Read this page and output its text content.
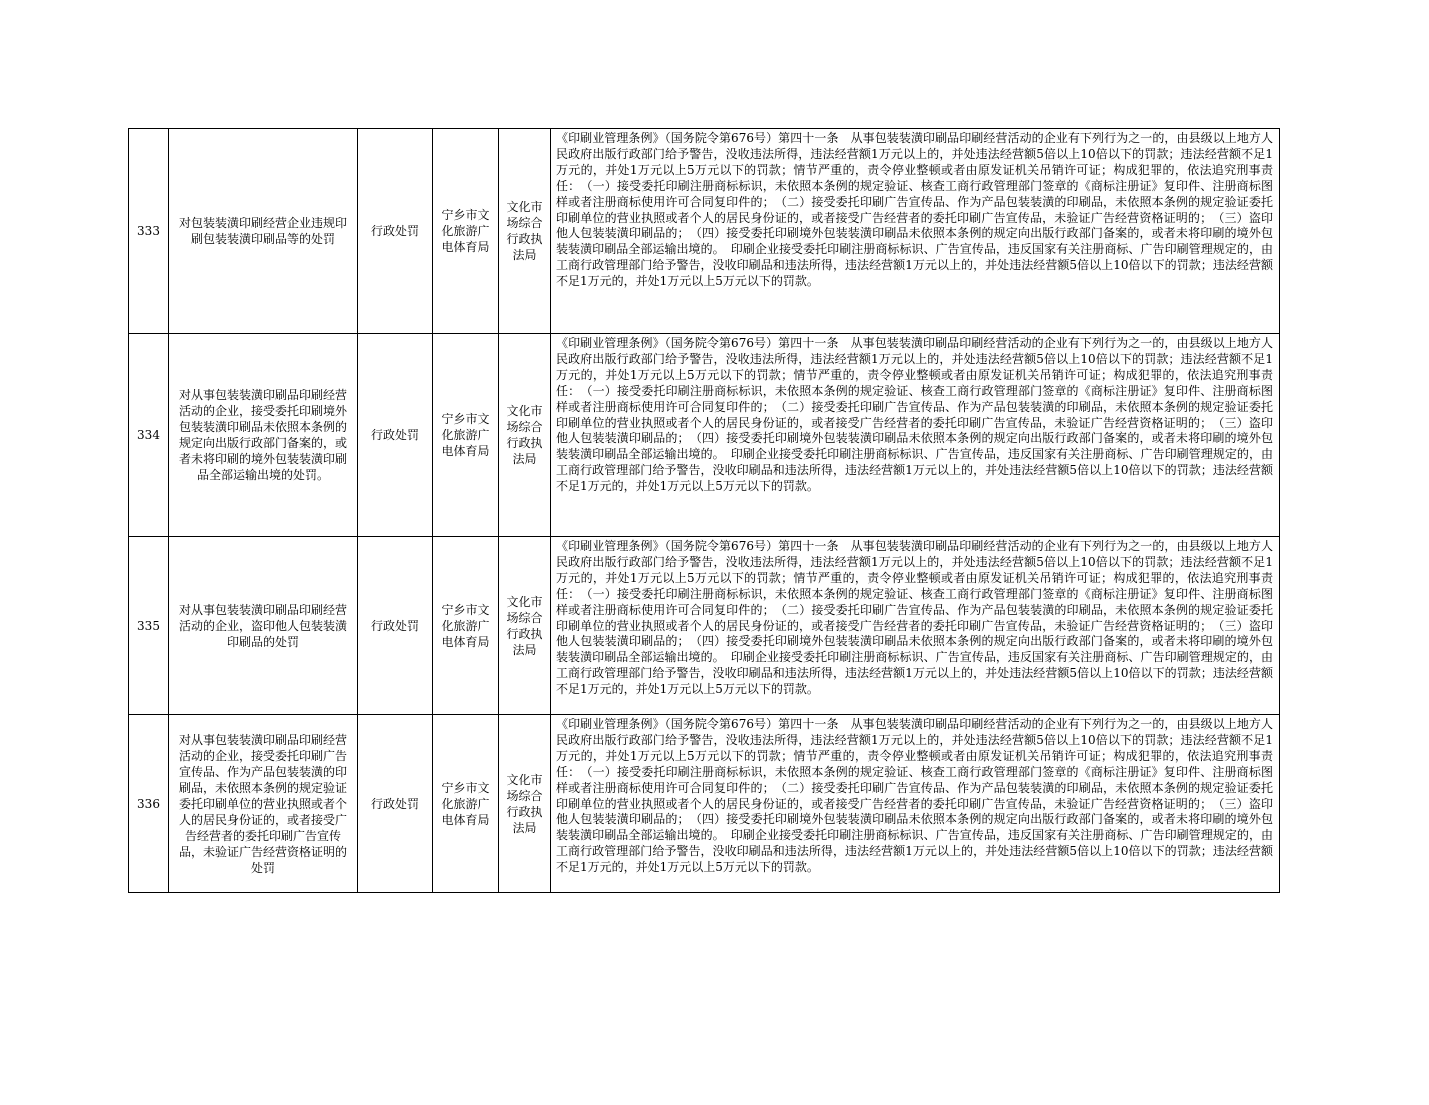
333	对包装装潢印刷经营企业违规印刷包装装潢印刷品等的处罚	行政处罚	宁乡市文化旅游广电体育局	文化市场综合行政执法局	《印刷业管理条例》（国务院令第676号）第四十一条　从事包装装潢印刷品印刷经营活动的企业有下列行为之一的，由县级以上地方人民政府出版行政部门给予警告，没收违法所得，违法经营额1万元以上的，并处违法经营额5倍以上10倍以下的罚款；违法经营额不足1万元的，并处1万元以上5万元以下的罚款；情节严重的，责令停业整顿或者由原发证机关吊销许可证；构成犯罪的，依法追究刑事责任：　（一）接受委托印刷注册商标标识，未依照本条例的规定验证、核查工商行政管理部门签章的《商标注册证》复印件、注册商标图样或者注册商标使用许可合同复印件的；　（二）接受委托印刷广告宣传品、作为产品包装装潢的印刷品，未依照本条例的规定验证委托印刷单位的营业执照或者个人的居民身份证的，或者接受广告经营者的委托印刷广告宣传品，未验证广告经营资格证明的；　（三）盗印他人包装装潢印刷品的；　（四）接受委托印刷境外包装装潢印刷品未依照本条例的规定向出版行政部门备案的，或者未将印刷的境外包装装潢印刷品全部运输出境的。　印刷企业接受委托印刷注册商标标识、广告宣传品，违反国家有关注册商标、广告印刷管理规定的，由工商行政管理部门给予警告，没收印刷品和违法所得，违法经营额1万元以上的，并处违法经营额5倍以上10倍以下的罚款；违法经营额不足1万元的，并处1万元以上5万元以下的罚款。

334	对从事包装装潢印刷品印刷经营活动的企业，接受委托印刷境外包装装潢印刷品未依照本条例的规定向出版行政部门备案的，或者未将印刷的境外包装装潢印刷品全部运输出境的处罚。	行政处罚	宁乡市文化旅游广电体育局	文化市场综合行政执法局	《印刷业管理条例》（国务院令第676号）第四十一条　从事包装装潢印刷品印刷经营活动的企业有下列行为之一的，由县级以上地方人民政府出版行政部门给予警告，没收违法所得，违法经营额1万元以上的，并处违法经营额5倍以上10倍以下的罚款；违法经营额不足1万元的，并处1万元以上5万元以下的罚款；情节严重的，责令停业整顿或者由原发证机关吊销许可证；构成犯罪的，依法追究刑事责任：　（一）接受委托印刷注册商标标识，未依照本条例的规定验证、核查工商行政管理部门签章的《商标注册证》复印件、注册商标图样或者注册商标使用许可合同复印件的；　（二）接受委托印刷广告宣传品、作为产品包装装潢的印刷品，未依照本条例的规定验证委托印刷单位的营业执照或者个人的居民身份证的，或者接受广告经营者的委托印刷广告宣传品，未验证广告经营资格证明的；　（三）盗印他人包装装潢印刷品的；　（四）接受委托印刷境外包装装潢印刷品未依照本条例的规定向出版行政部门备案的，或者未将印刷的境外包装装潢印刷品全部运输出境的。　印刷企业接受委托印刷注册商标标识、广告宣传品，违反国家有关注册商标、广告印刷管理规定的，由工商行政管理部门给予警告，没收印刷品和违法所得，违法经营额1万元以上的，并处违法经营额5倍以上10倍以下的罚款；违法经营额不足1万元的，并处1万元以上5万元以下的罚款。

335	对从事包装装潢印刷品印刷经营活动的企业，盗印他人包装装潢印刷品的处罚	行政处罚	宁乡市文化旅游广电体育局	文化市场综合行政执法局	《印刷业管理条例》（国务院令第676号）第四十一条　从事包装装潢印刷品印刷经营活动的企业有下列行为之一的，由县级以上地方人民政府出版行政部门给予警告，没收违法所得，违法经营额1万元以上的，并处违法经营额5倍以上10倍以下的罚款；违法经营额不足1万元的，并处1万元以上5万元以下的罚款；情节严重的，责令停业整顿或者由原发证机关吊销许可证；构成犯罪的，依法追究刑事责任：　（一）接受委托印刷注册商标标识，未依照本条例的规定验证、核查工商行政管理部门签章的《商标注册证》复印件、注册商标图样或者注册商标使用许可合同复印件的；　（二）接受委托印刷广告宣传品、作为产品包装装潢的印刷品，未依照本条例的规定验证委托印刷单位的营业执照或者个人的居民身份证的，或者接受广告经营者的委托印刷广告宣传品，未验证广告经营资格证明的；　（三）盗印他人包装装潢印刷品的；　（四）接受委托印刷境外包装装潢印刷品未依照本条例的规定向出版行政部门备案的，或者未将印刷的境外包装装潢印刷品全部运输出境的。　印刷企业接受委托印刷注册商标标识、广告宣传品，违反国家有关注册商标、广告印刷管理规定的，由工商行政管理部门给予警告，没收印刷品和违法所得，违法经营额1万元以上的，并处违法经营额5倍以上10倍以下的罚款；违法经营额不足1万元的，并处1万元以上5万元以下的罚款。

336	对从事包装装潢印刷品印刷经营活动的企业，接受委托印刷广告宣传品、作为产品包装装潢的印刷品，未依照本条例的规定验证委托印刷单位的营业执照或者个人的居民身份证的，或者接受广告经营者的委托印刷广告宣传品，未验证广告经营资格证明的处罚	行政处罚	宁乡市文化旅游广电体育局	文化市场综合行政执法局	《印刷业管理条例》（国务院令第676号）第四十一条　从事包装装潢印刷品印刷经营活动的企业有下列行为之一的，由县级以上地方人民政府出版行政部门给予警告，没收违法所得，违法经营额1万元以上的，并处违法经营额5倍以上10倍以下的罚款；违法经营额不足1万元的，并处1万元以上5万元以下的罚款；情节严重的，责令停业整顿或者由原发证机关吊销许可证；构成犯罪的，依法追究刑事责任：　（一）接受委托印刷注册商标标识，未依照本条例的规定验证、核查工商行政管理部门签章的《商标注册证》复印件、注册商标图样或者注册商标使用许可合同复印件的；　（二）接受委托印刷广告宣传品、作为产品包装装潢的印刷品，未依照本条例的规定验证委托印刷单位的营业执照或者个人的居民身份证的，或者接受广告经营者的委托印刷广告宣传品，未验证广告经营资格证明的；　（三）盗印他人包装装潢印刷品的；　（四）接受委托印刷境外包装装潢印刷品未依照本条例的规定向出版行政部门备案的，或者未将印刷的境外包装装潢印刷品全部运输出境的。　印刷企业接受委托印刷注册商标标识、广告宣传品，违反国家有关注册商标、广告印刷管理规定的，由工商行政管理部门给予警告，没收印刷品和违法所得，违法经营额1万元以上的，并处违法经营额5倍以上10倍以下的罚款；违法经营额不足1万元的，并处1万元以上5万元以下的罚款。
